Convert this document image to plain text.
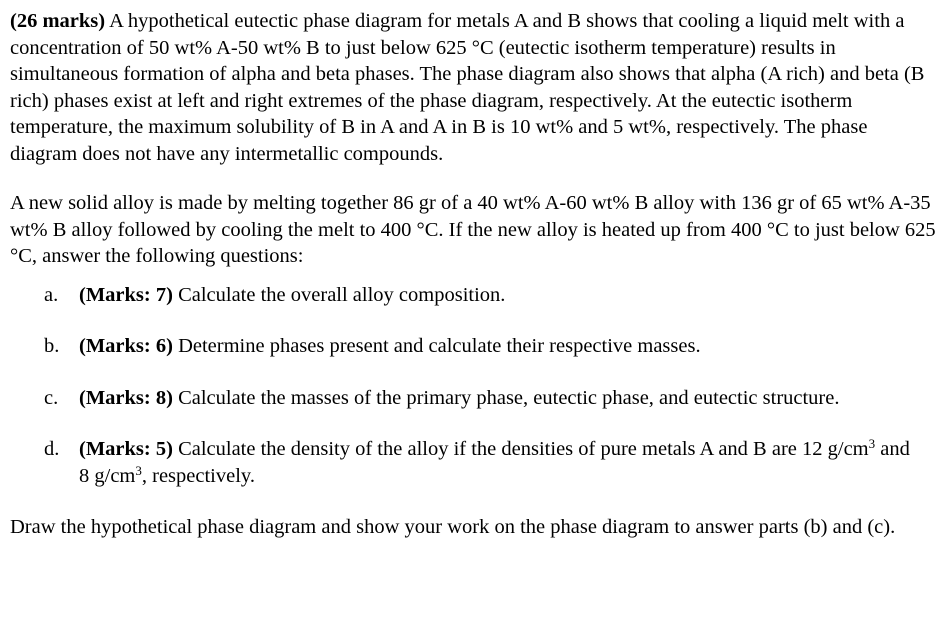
(26 marks) A hypothetical eutectic phase diagram for metals A and B shows that cooling a liquid melt with a concentration of 50 wt% A-50 wt% B to just below 625 °C (eutectic isotherm temperature) results in simultaneous formation of alpha and beta phases. The phase diagram also shows that alpha (A rich) and beta (B rich) phases exist at left and right extremes of the phase diagram, respectively. At the eutectic isotherm temperature, the maximum solubility of B in A and A in B is 10 wt% and 5 wt%, respectively. The phase diagram does not have any intermetallic compounds.

A new solid alloy is made by melting together 86 gr of a 40 wt% A-60 wt% B alloy with 136 gr of 65 wt% A-35 wt% B alloy followed by cooling the melt to 400 °C. If the new alloy is heated up from 400 °C to just below 625 °C, answer the following questions:

a. (Marks: 7) Calculate the overall alloy composition.
b. (Marks: 6) Determine phases present and calculate their respective masses.
c. (Marks: 8) Calculate the masses of the primary phase, eutectic phase, and eutectic structure.
d. (Marks: 5) Calculate the density of the alloy if the densities of pure metals A and B are 12 $g/cm^3$ and 8 $g/cm^3$, respectively.

Draw the hypothetical phase diagram and show your work on the phase diagram to answer parts (b) and (c).
